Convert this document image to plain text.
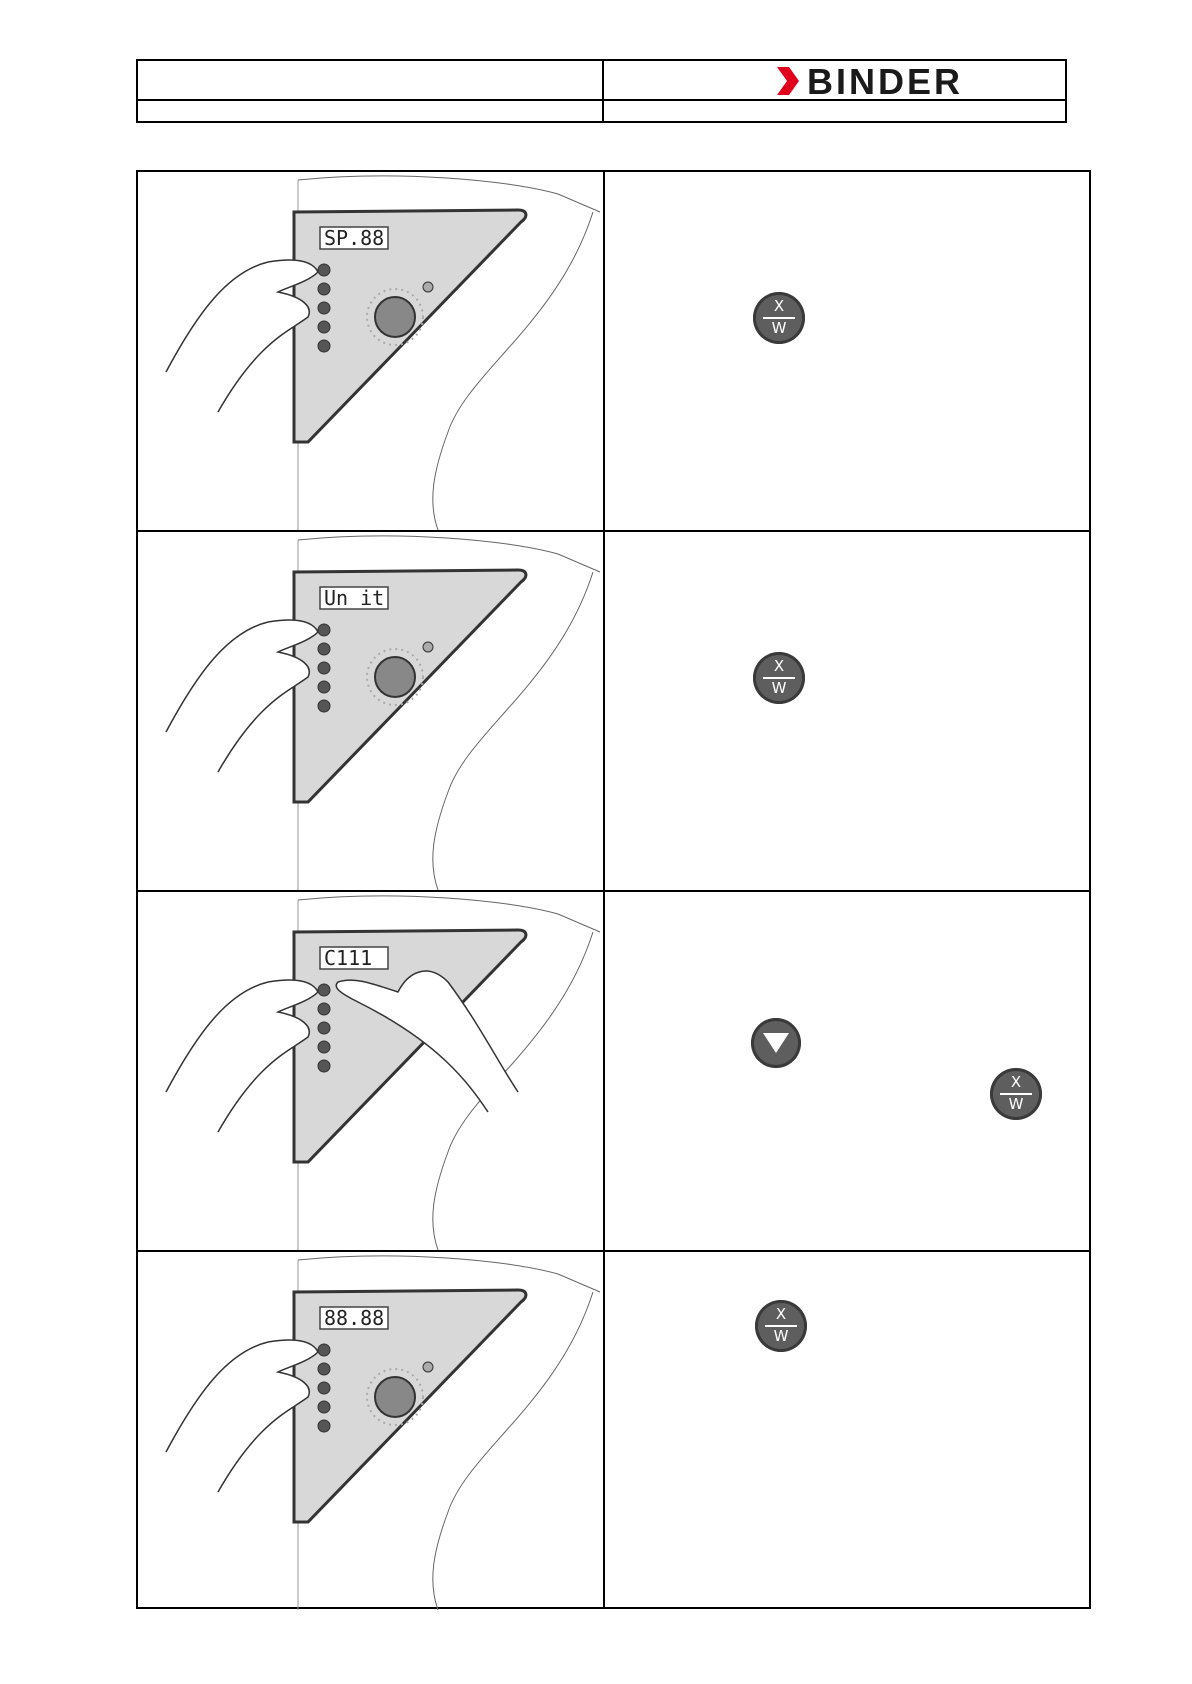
BINDER
SP.88
X
W
Un it
X
W
C111
X
W
88.88	X
W
